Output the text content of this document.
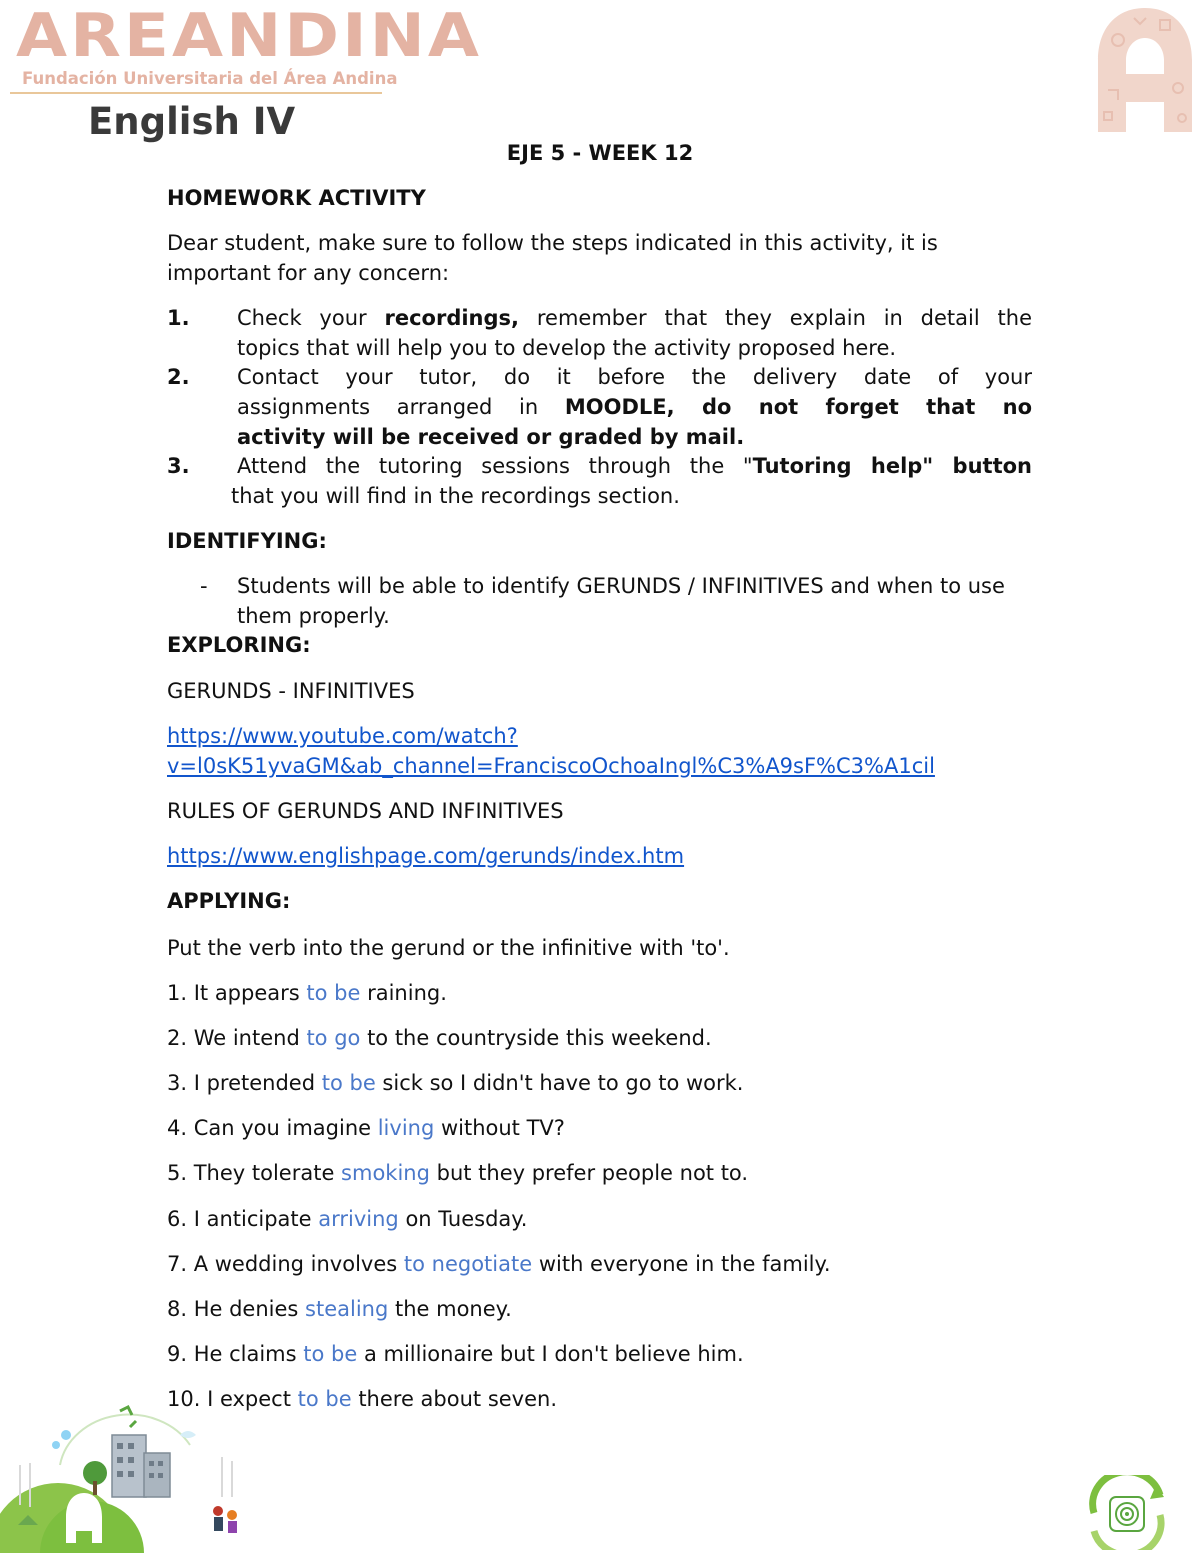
AREANDINA
Fundación Universitaria del Área Andina
English IV
EJE 5 - WEEK 12
HOMEWORK ACTIVITY
Dear student, make sure to follow the steps indicated in this activity, it is
important for any concern:
1. Check your recordings, remember that they explain in detail the
topics that will help you to develop the activity proposed here.
2. Contact your tutor, do it before the delivery date of your
assignments arranged in MOODLE, do not forget that no
activity will be received or graded by mail.
3. Attend the tutoring sessions through the "Tutoring help" button
that you will find in the recordings section.
IDENTIFYING:
- Students will be able to identify GERUNDS / INFINITIVES and when to use them properly.
EXPLORING:
GERUNDS - INFINITIVES
https://www.youtube.com/watch?
v=l0sK51yvaGM&ab_channel=FranciscoOchoaIngl%C3%A9sF%C3%A1cil
RULES OF GERUNDS AND INFINITIVES
https://www.englishpage.com/gerunds/index.htm
APPLYING:
Put the verb into the gerund or the infinitive with 'to'.
1. It appears to be raining.
2. We intend to go to the countryside this weekend.
3. I pretended to be sick so I didn't have to go to work.
4. Can you imagine living without TV?
5. They tolerate smoking but they prefer people not to.
6. I anticipate arriving on Tuesday.
7. A wedding involves to negotiate with everyone in the family.
8. He denies stealing the money.
9. He claims to be a millionaire but I don't believe him.
10. I expect to be there about seven.
